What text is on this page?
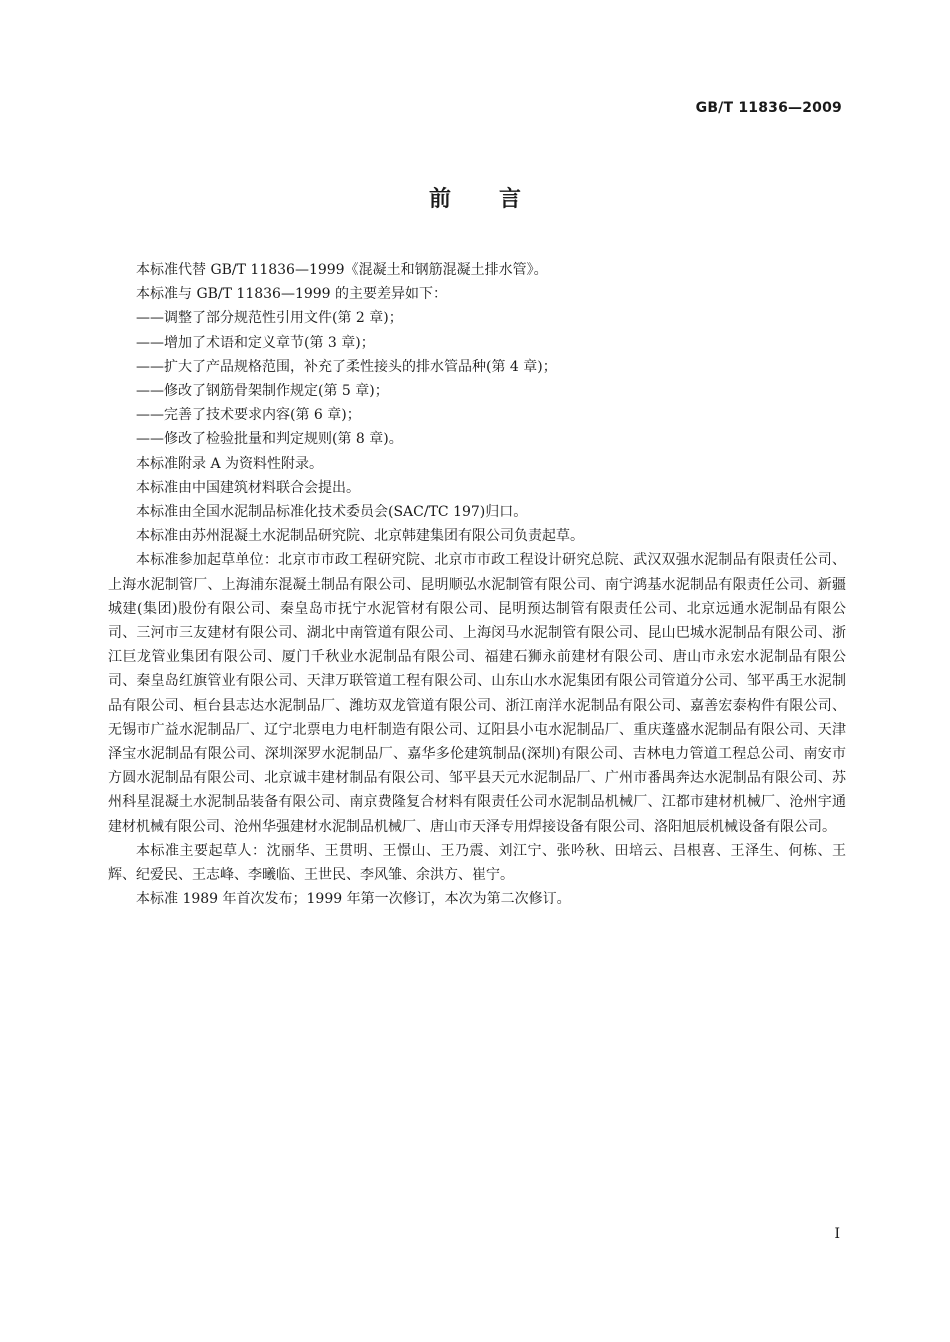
GB/T 11836—2009
前言

本标准代替 GB/T 11836—1999《混凝土和钢筋混凝土排水管》。

本标准与 GB/T 11836—1999 的主要差异如下：

——调整了部分规范性引用文件(第 2 章)；

——增加了术语和定义章节(第 3 章)；

——扩大了产品规格范围，补充了柔性接头的排水管品种(第 4 章)；

——修改了钢筋骨架制作规定(第 5 章)；

——完善了技术要求内容(第 6 章)；

——修改了检验批量和判定规则(第 8 章)。

本标准附录 A 为资料性附录。

本标准由中国建筑材料联合会提出。

本标准由全国水泥制品标准化技术委员会(SAC/TC 197)归口。

本标准由苏州混凝土水泥制品研究院、北京韩建集团有限公司负责起草。

本标准参加起草单位：北京市市政工程研究院、北京市市政工程设计研究总院、武汉双强水泥制品有限责任公司、上海水泥制管厂、上海浦东混凝土制品有限公司、昆明顺弘水泥制管有限公司、南宁鸿基水泥制品有限责任公司、新疆城建(集团)股份有限公司、秦皇岛市抚宁水泥管材有限公司、昆明预达制管有限责任公司、北京远通水泥制品有限公司、三河市三友建材有限公司、湖北中南管道有限公司、上海闵马水泥制管有限公司、昆山巴城水泥制品有限公司、浙江巨龙管业集团有限公司、厦门千秋业水泥制品有限公司、福建石狮永前建材有限公司、唐山市永宏水泥制品有限公司、秦皇岛红旗管业有限公司、天津万联管道工程有限公司、山东山水水泥集团有限公司管道分公司、邹平禹王水泥制品有限公司、桓台县志达水泥制品厂、潍坊双龙管道有限公司、浙江南洋水泥制品有限公司、嘉善宏泰构件有限公司、无锡市广益水泥制品厂、辽宁北票电力电杆制造有限公司、辽阳县小屯水泥制品厂、重庆蓬盛水泥制品有限公司、天津泽宝水泥制品有限公司、深圳深罗水泥制品厂、嘉华多伦建筑制品(深圳)有限公司、吉林电力管道工程总公司、南安市方圆水泥制品有限公司、北京诚丰建材制品有限公司、邹平县天元水泥制品厂、广州市番禺奔达水泥制品有限公司、苏州科星混凝土水泥制品装备有限公司、南京费隆复合材料有限责任公司水泥制品机械厂、江都市建材机械厂、沧州宇通建材机械有限公司、沧州华强建材水泥制品机械厂、唐山市天泽专用焊接设备有限公司、洛阳旭辰机械设备有限公司。

本标准主要起草人：沈丽华、王贯明、王憬山、王乃震、刘江宁、张吟秋、田培云、吕根喜、王泽生、何栋、王辉、纪爱民、王志峰、李曦临、王世民、李风雏、余洪方、崔宁。

本标准 1989 年首次发布；1999 年第一次修订，本次为第二次修订。

I
